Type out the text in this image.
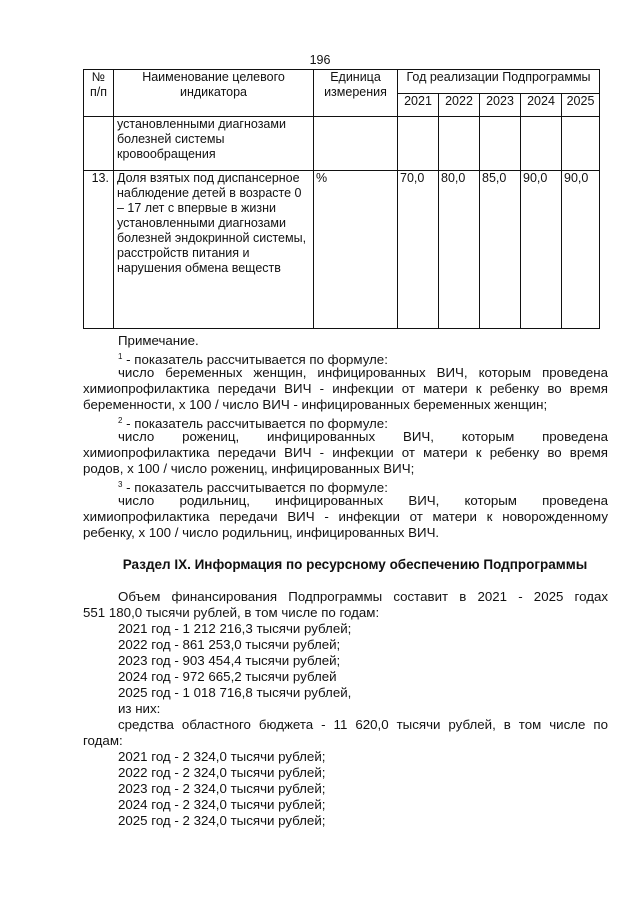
196
№ п/п	Наименование целевого индикатора	Единица измерения	Год реализации Подпрограммы				
			2021	2022	2023	2024	2025
	установленными диагнозами болезней системы кровообращения						
13.	Доля взятых под диспансерное наблюдение детей в возрасте 0 – 17 лет с впервые в жизни установленными диагнозами болезней эндокринной системы, расстройств питания и нарушения обмена веществ	%	70,0	80,0	85,0	90,0	90,0
Примечание.
$^1$ - показатель рассчитывается по формуле:
число беременных женщин, инфицированных ВИЧ, которым проведена
химиопрофилактика передачи ВИЧ - инфекции от матери к ребенку во время
беременности, х 100 / число ВИЧ - инфицированных беременных женщин;
$^2$ - показатель рассчитывается по формуле:
число рожениц, инфицированных ВИЧ, которым проведена
химиопрофилактика передачи ВИЧ - инфекции от матери к ребенку во время
родов, х 100 / число рожениц, инфицированных ВИЧ;
$^3$ - показатель рассчитывается по формуле:
число родильниц, инфицированных ВИЧ, которым проведена
химиопрофилактика передачи ВИЧ - инфекции от матери к новорожденному
ребенку, х 100 / число родильниц, инфицированных ВИЧ.
Раздел IX. Информация по ресурсному обеспечению Подпрограммы
Объем финансирования Подпрограммы составит в 2021 - 2025 годах
551 180,0 тысячи рублей, в том числе по годам:
2021 год - 1 212 216,3 тысячи рублей;
2022 год - 861 253,0 тысячи рублей;
2023 год - 903 454,4 тысячи рублей;
2024 год - 972 665,2 тысячи рублей
2025 год - 1 018 716,8 тысячи рублей,
из них:
средства областного бюджета - 11 620,0 тысячи рублей, в том числе по
годам:
2021 год - 2 324,0 тысячи рублей;
2022 год - 2 324,0 тысячи рублей;
2023 год - 2 324,0 тысячи рублей;
2024 год - 2 324,0 тысячи рублей;
2025 год - 2 324,0 тысячи рублей;
